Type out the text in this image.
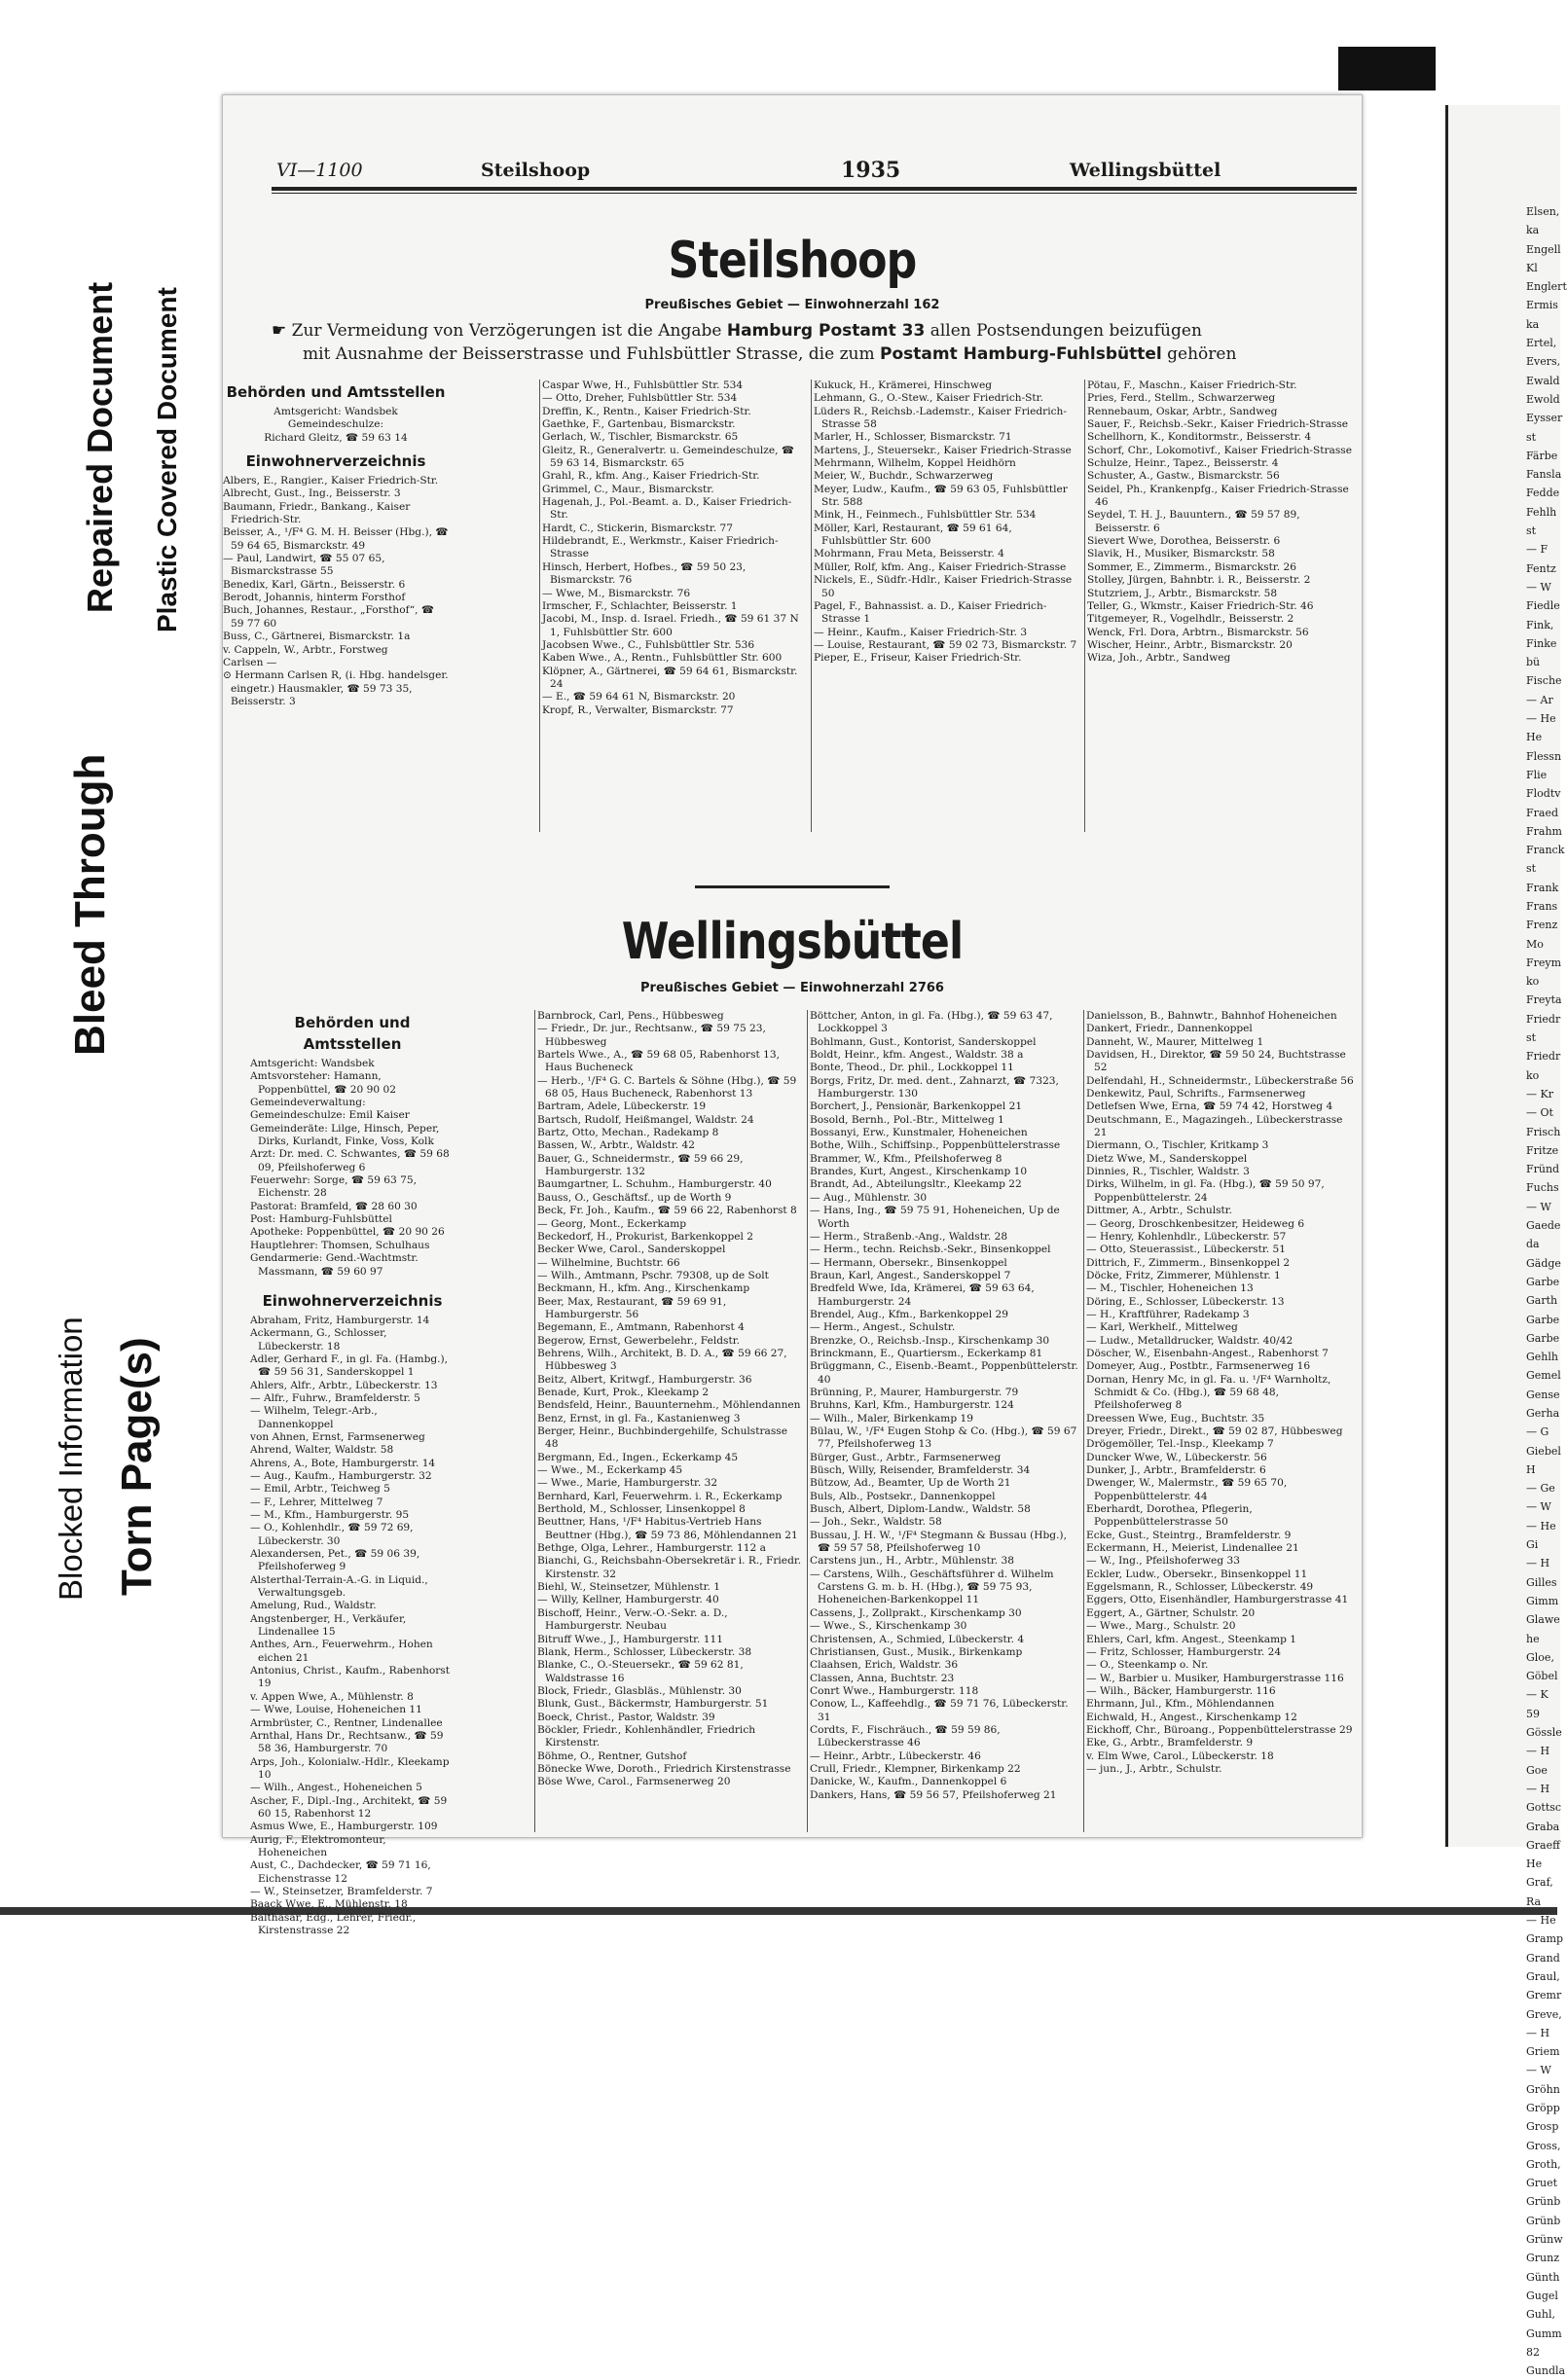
Blocked Information Torn Page(s)
Bleed Through
Repaired Document Plastic Covered Document
VI—1100	Steilshoop	1935	Wellingsbüttel
Steilshoop
Preußisches Gebiet — Einwohnerzahl 162
☛ Zur Vermeidung von Verzögerungen ist die Angabe Hamburg Postamt 33 allen Postsendungen beizufügen
mit Ausnahme der Beisserstrasse und Fuhlsbüttler Strasse, die zum Postamt Hamburg-Fuhlsbüttel gehören

Behörden und Amtsstellen

Amtsgericht: Wandsbek

Gemeindeschulze:

Richard Gleitz, ☎ 59 63 14

Einwohnerverzeichnis

Albers, E., Rangier., Kaiser Friedrich-Str.

Albrecht, Gust., Ing., Beisserstr. 3

Baumann, Friedr., Bankang., Kaiser Friedrich-Str.

Beisser, A., ¹/F⁴ G. M. H. Beisser (Hbg.), ☎ 59 64 65, Bismarckstr. 49

— Paul, Landwirt, ☎ 55 07 65, Bismarckstrasse 55

Benedix, Karl, Gärtn., Beisserstr. 6

Berodt, Johannis, hinterm Forsthof

Buch, Johannes, Restaur., „Forsthof“, ☎ 59 77 60

Buss, C., Gärtnerei, Bismarckstr. 1a

v. Cappeln, W., Arbtr., Forstweg

Carlsen —

⊙ Hermann Carlsen R, (i. Hbg. handelsger. eingetr.) Hausmakler, ☎ 59 73 35, Beisserstr. 3

Caspar Wwe, H., Fuhlsbüttler Str. 534

— Otto, Dreher, Fuhlsbüttler Str. 534

Dreffin, K., Rentn., Kaiser Friedrich-Str.

Gaethke, F., Gartenbau, Bismarckstr.

Gerlach, W., Tischler, Bismarckstr. 65

Gleitz, R., Generalvertr. u. Gemeindeschulze, ☎ 59 63 14, Bismarckstr. 65

Grahl, R., kfm. Ang., Kaiser Friedrich-Str.

Grimmel, C., Maur., Bismarckstr.

Hagenah, J., Pol.-Beamt. a. D., Kaiser Friedrich-Str.

Hardt, C., Stickerin, Bismarckstr. 77

Hildebrandt, E., Werkmstr., Kaiser Friedrich-Strasse

Hinsch, Herbert, Hofbes., ☎ 59 50 23, Bismarckstr. 76

— Wwe, M., Bismarckstr. 76

Irmscher, F., Schlachter, Beisserstr. 1

Jacobi, M., Insp. d. Israel. Friedh., ☎ 59 61 37 N 1, Fuhlsbüttler Str. 600

Jacobsen Wwe., C., Fuhlsbüttler Str. 536

Kaben Wwe., A., Rentn., Fuhlsbüttler Str. 600

Klöpner, A., Gärtnerei, ☎ 59 64 61, Bismarckstr. 24

— E., ☎ 59 64 61 N, Bismarckstr. 20

Kropf, R., Verwalter, Bismarckstr. 77

Kukuck, H., Krämerei, Hinschweg

Lehmann, G., O.-Stew., Kaiser Friedrich-Str.

Lüders R., Reichsb.-Lademstr., Kaiser Friedrich-Strasse 58

Marler, H., Schlosser, Bismarckstr. 71

Martens, J., Steuersekr., Kaiser Friedrich-Strasse

Mehrmann, Wilhelm, Koppel Heidhörn

Meier, W., Buchdr., Schwarzerweg

Meyer, Ludw., Kaufm., ☎ 59 63 05, Fuhlsbüttler Str. 588

Mink, H., Feinmech., Fuhlsbüttler Str. 534

Möller, Karl, Restaurant, ☎ 59 61 64, Fuhlsbüttler Str. 600

Mohrmann, Frau Meta, Beisserstr. 4

Müller, Rolf, kfm. Ang., Kaiser Friedrich-Strasse

Nickels, E., Südfr.-Hdlr., Kaiser Friedrich-Strasse 50

Pagel, F., Bahnassist. a. D., Kaiser Friedrich-Strasse 1

— Heinr., Kaufm., Kaiser Friedrich-Str. 3

— Louise, Restaurant, ☎ 59 02 73, Bismarckstr. 7

Pieper, E., Friseur, Kaiser Friedrich-Str.

Pötau, F., Maschn., Kaiser Friedrich-Str.

Pries, Ferd., Stellm., Schwarzerweg

Rennebaum, Oskar, Arbtr., Sandweg

Sauer, F., Reichsb.-Sekr., Kaiser Friedrich-Strasse

Schellhorn, K., Konditormstr., Beisserstr. 4

Schorf, Chr., Lokomotivf., Kaiser Friedrich-Strasse

Schulze, Heinr., Tapez., Beisserstr. 4

Schuster, A., Gastw., Bismarckstr. 56

Seidel, Ph., Krankenpfg., Kaiser Friedrich-Strasse 46

Seydel, T. H. J., Bauuntern., ☎ 59 57 89, Beisserstr. 6

Sievert Wwe, Dorothea, Beisserstr. 6

Slavik, H., Musiker, Bismarckstr. 58

Sommer, E., Zimmerm., Bismarckstr. 26

Stolley, Jürgen, Bahnbtr. i. R., Beisserstr. 2

Stutzriem, J., Arbtr., Bismarckstr. 58

Teller, G., Wkmstr., Kaiser Friedrich-Str. 46

Titgemeyer, R., Vogelhdlr., Beisserstr. 2

Wenck, Frl. Dora, Arbtrn., Bismarckstr. 56

Wischer, Heinr., Arbtr., Bismarckstr. 20

Wiza, Joh., Arbtr., Sandweg

Wellingsbüttel
Preußisches Gebiet — Einwohnerzahl 2766

Behörden und Amtsstellen

Amtsgericht: Wandsbek

Amtsvorsteher: Hamann, Poppenbüttel, ☎ 20 90 02

Gemeindeverwaltung:

Gemeindeschulze: Emil Kaiser

Gemeinderäte: Lilge, Hinsch, Peper, Dirks, Kurlandt, Finke, Voss, Kolk

Arzt: Dr. med. C. Schwantes, ☎ 59 68 09, Pfeilshoferweg 6

Feuerwehr: Sorge, ☎ 59 63 75, Eichenstr. 28

Pastorat: Bramfeld, ☎ 28 60 30

Post: Hamburg-Fuhlsbüttel

Apotheke: Poppenbüttel, ☎ 20 90 26

Hauptlehrer: Thomsen, Schulhaus

Gendarmerie: Gend.-Wachtmstr. Massmann, ☎ 59 60 97

Einwohnerverzeichnis

Abraham, Fritz, Hamburgerstr. 14

Ackermann, G., Schlosser, Lübeckerstr. 18

Adler, Gerhard F., in gl. Fa. (Hambg.), ☎ 59 56 31, Sanderskoppel 1

Ahlers, Alfr., Arbtr., Lübeckerstr. 13

— Alfr., Fuhrw., Bramfelderstr. 5

— Wilhelm, Telegr.-Arb., Dannenkoppel

von Ahnen, Ernst, Farmsenerweg

Ahrend, Walter, Waldstr. 58

Ahrens, A., Bote, Hamburgerstr. 14

— Aug., Kaufm., Hamburgerstr. 32

— Emil, Arbtr., Teichweg 5

— F., Lehrer, Mittelweg 7

— M., Kfm., Hamburgerstr. 95

— O., Kohlenhdlr., ☎ 59 72 69, Lübeckerstr. 30

Alexandersen, Pet., ☎ 59 06 39, Pfeilshoferweg 9

Alsterthal-Terrain-A.-G. in Liquid., Verwaltungsgeb.

Amelung, Rud., Waldstr.

Angstenberger, H., Verkäufer, Lindenallee 15

Anthes, Arn., Feuerwehrm., Hohen eichen 21

Antonius, Christ., Kaufm., Rabenhorst 19

v. Appen Wwe, A., Mühlenstr. 8

— Wwe, Louise, Hoheneichen 11

Armbrüster, C., Rentner, Lindenallee

Arnthal, Hans Dr., Rechtsanw., ☎ 59 58 36, Hamburgerstr. 70

Arps, Joh., Kolonialw.-Hdlr., Kleekamp 10

— Wilh., Angest., Hoheneichen 5

Ascher, F., Dipl.-Ing., Architekt, ☎ 59 60 15, Rabenhorst 12

Asmus Wwe, E., Hamburgerstr. 109

Aurig, F., Elektromonteur, Hoheneichen

Aust, C., Dachdecker, ☎ 59 71 16, Eichenstrasse 12

— W., Steinsetzer, Bramfelderstr. 7

Baack Wwe, E., Mühlenstr. 18

Balthasar, Edg., Lehrer, Friedr., Kirstenstrasse 22

Barnbrock, Carl, Pens., Hübbesweg

— Friedr., Dr. jur., Rechtsanw., ☎ 59 75 23, Hübbesweg

Bartels Wwe., A., ☎ 59 68 05, Rabenhorst 13, Haus Bucheneck

— Herb., ¹/F⁴ G. C. Bartels & Söhne (Hbg.), ☎ 59 68 05, Haus Bucheneck, Rabenhorst 13

Bartram, Adele, Lübeckerstr. 19

Bartsch, Rudolf, Heißmangel, Waldstr. 24

Bartz, Otto, Mechan., Radekamp 8

Bassen, W., Arbtr., Waldstr. 42

Bauer, G., Schneidermstr., ☎ 59 66 29, Hamburgerstr. 132

Baumgartner, L. Schuhm., Hamburgerstr. 40

Bauss, O., Geschäftsf., up de Worth 9

Beck, Fr. Joh., Kaufm., ☎ 59 66 22, Rabenhorst 8

— Georg, Mont., Eckerkamp

Beckedorf, H., Prokurist, Barkenkoppel 2

Becker Wwe, Carol., Sanderskoppel

— Wilhelmine, Buchtstr. 66

— Wilh., Amtmann, Pschr. 79308, up de Solt

Beckmann, H., kfm. Ang., Kirschenkamp

Beer, Max, Restaurant, ☎ 59 69 91, Hamburgerstr. 56

Begemann, E., Amtmann, Rabenhorst 4

Begerow, Ernst, Gewerbelehr., Feldstr.

Behrens, Wilh., Architekt, B. D. A., ☎ 59 66 27, Hübbesweg 3

Beitz, Albert, Kritwgf., Hamburgerstr. 36

Benade, Kurt, Prok., Kleekamp 2

Bendsfeld, Heinr., Bauunternehm., Möhlendannen

Benz, Ernst, in gl. Fa., Kastanienweg 3

Berger, Heinr., Buchbindergehilfe, Schulstrasse 48

Bergmann, Ed., Ingen., Eckerkamp 45

— Wwe., M., Eckerkamp 45

— Wwe., Marie, Hamburgerstr. 32

Bernhard, Karl, Feuerwehrm. i. R., Eckerkamp

Berthold, M., Schlosser, Linsenkoppel 8

Beuttner, Hans, ¹/F⁴ Habitus-Vertrieb Hans Beuttner (Hbg.), ☎ 59 73 86, Möhlendannen 21

Bethge, Olga, Lehrer., Hamburgerstr. 112 a

Bianchi, G., Reichsbahn-Obersekretär i. R., Friedr. Kirstenstr. 32

Biehl, W., Steinsetzer, Mühlenstr. 1

— Willy, Kellner, Hamburgerstr. 40

Bischoff, Heinr., Verw.-O.-Sekr. a. D., Hamburgerstr. Neubau

Bitruff Wwe., J., Hamburgerstr. 111

Blank, Herm., Schlosser, Lübeckerstr. 38

Blanke, C., O.-Steuersekr., ☎ 59 62 81, Waldstrasse 16

Block, Friedr., Glasbläs., Mühlenstr. 30

Blunk, Gust., Bäckermstr, Hamburgerstr. 51

Boeck, Christ., Pastor, Waldstr. 39

Böckler, Friedr., Kohlenhändler, Friedrich Kirstenstr.

Böhme, O., Rentner, Gutshof

Bönecke Wwe, Doroth., Friedrich Kirstenstrasse

Böse Wwe, Carol., Farmsenerweg 20

Böttcher, Anton, in gl. Fa. (Hbg.), ☎ 59 63 47, Lockkoppel 3

Bohlmann, Gust., Kontorist, Sanderskoppel

Boldt, Heinr., kfm. Angest., Waldstr. 38 a

Bonte, Theod., Dr. phil., Lockkoppel 11

Borgs, Fritz, Dr. med. dent., Zahnarzt, ☎ 7323, Hamburgerstr. 130

Borchert, J., Pensionär, Barkenkoppel 21

Bosold, Bernh., Pol.-Btr., Mittelweg 1

Bossanyi, Erw., Kunstmaler, Hoheneichen

Bothe, Wilh., Schiffsinp., Poppenbüttelerstrasse

Brammer, W., Kfm., Pfeilshoferweg 8

Brandes, Kurt, Angest., Kirschenkamp 10

Brandt, Ad., Abteilungsltr., Kleekamp 22

— Aug., Mühlenstr. 30

— Hans, Ing., ☎ 59 75 91, Hoheneichen, Up de Worth

— Herm., Straßenb.-Ang., Waldstr. 28

— Herm., techn. Reichsb.-Sekr., Binsenkoppel

— Hermann, Obersekr., Binsenkoppel

Braun, Karl, Angest., Sanderskoppel 7

Bredfeld Wwe, Ida, Krämerei, ☎ 59 63 64, Hamburgerstr. 24

Brendel, Aug., Kfm., Barkenkoppel 29

— Herm., Angest., Schulstr.

Brenzke, O., Reichsb.-Insp., Kirschenkamp 30

Brinckmann, E., Quartiersm., Eckerkamp 81

Brüggmann, C., Eisenb.-Beamt., Poppenbüttelerstr. 40

Brünning, P., Maurer, Hamburgerstr. 79

Bruhns, Karl, Kfm., Hamburgerstr. 124

— Wilh., Maler, Birkenkamp 19

Bülau, W., ¹/F⁴ Eugen Stohp & Co. (Hbg.), ☎ 59 67 77, Pfeilshoferweg 13

Bürger, Gust., Arbtr., Farmsenerweg

Büsch, Willy, Reisender, Bramfelderstr. 34

Bützow, Ad., Beamter, Up de Worth 21

Buls, Alb., Postsekr., Dannenkoppel

Busch, Albert, Diplom-Landw., Waldstr. 58

— Joh., Sekr., Waldstr. 58

Bussau, J. H. W., ¹/F⁴ Stegmann & Bussau (Hbg.), ☎ 59 57 58, Pfeilshoferweg 10

Carstens jun., H., Arbtr., Mühlenstr. 38

— Carstens, Wilh., Geschäftsführer d. Wilhelm Carstens G. m. b. H. (Hbg.), ☎ 59 75 93, Hoheneichen-Barkenkoppel 11

Cassens, J., Zollprakt., Kirschenkamp 30

— Wwe., S., Kirschenkamp 30

Christensen, A., Schmied, Lübeckerstr. 4

Christiansen, Gust., Musik., Birkenkamp

Claahsen, Erich, Waldstr. 36

Classen, Anna, Buchtstr. 23

Conrt Wwe., Hamburgerstr. 118

Conow, L., Kaffeehdlg., ☎ 59 71 76, Lübeckerstr. 31

Cordts, F., Fischräuch., ☎ 59 59 86, Lübeckerstrasse 46

— Heinr., Arbtr., Lübeckerstr. 46

Crull, Friedr., Klempner, Birkenkamp 22

Danicke, W., Kaufm., Dannenkoppel 6

Dankers, Hans, ☎ 59 56 57, Pfeilshoferweg 21

Danielsson, B., Bahnwtr., Bahnhof Hoheneichen

Dankert, Friedr., Dannenkoppel

Danneht, W., Maurer, Mittelweg 1

Davidsen, H., Direktor, ☎ 59 50 24, Buchtstrasse 52

Delfendahl, H., Schneidermstr., Lübeckerstraße 56

Denkewitz, Paul, Schrifts., Farmsenerweg

Detlefsen Wwe, Erna, ☎ 59 74 42, Horstweg 4

Deutschmann, E., Magazingeh., Lübeckerstrasse 21

Diermann, O., Tischler, Kritkamp 3

Dietz Wwe, M., Sanderskoppel

Dinnies, R., Tischler, Waldstr. 3

Dirks, Wilhelm, in gl. Fa. (Hbg.), ☎ 59 50 97, Poppenbüttelerstr. 24

Dittmer, A., Arbtr., Schulstr.

— Georg, Droschkenbesitzer, Heideweg 6

— Henry, Kohlenhdlr., Lübeckerstr. 57

— Otto, Steuerassist., Lübeckerstr. 51

Dittrich, F., Zimmerm., Binsenkoppel 2

Döcke, Fritz, Zimmerer, Mühlenstr. 1

— M., Tischler, Hoheneichen 13

Döring, E., Schlosser, Lübeckerstr. 13

— H., Kraftführer, Radekamp 3

— Karl, Werkhelf., Mittelweg

— Ludw., Metalldrucker, Waldstr. 40/42

Döscher, W., Eisenbahn-Angest., Rabenhorst 7

Domeyer, Aug., Postbtr., Farmsenerweg 16

Dornan, Henry Mc, in gl. Fa. u. ¹/F⁴ Warnholtz, Schmidt & Co. (Hbg.), ☎ 59 68 48, Pfeilshoferweg 8

Dreessen Wwe, Eug., Buchtstr. 35

Dreyer, Friedr., Direkt., ☎ 59 02 87, Hübbesweg

Drögemöller, Tel.-Insp., Kleekamp 7

Duncker Wwe, W., Lübeckerstr. 56

Dunker, J., Arbtr., Bramfelderstr. 6

Dwenger, W., Malermstr., ☎ 59 65 70, Poppenbüttelerstr. 44

Eberhardt, Dorothea, Pflegerin, Poppenbüttelerstrasse 50

Ecke, Gust., Steintrg., Bramfelderstr. 9

Eckermann, H., Meierist, Lindenallee 21

— W., Ing., Pfeilshoferweg 33

Eckler, Ludw., Obersekr., Binsenkoppel 11

Eggelsmann, R., Schlosser, Lübeckerstr. 49

Eggers, Otto, Eisenhändler, Hamburgerstrasse 41

Eggert, A., Gärtner, Schulstr. 20

— Wwe., Marg., Schulstr. 20

Ehlers, Carl, kfm. Angest., Steenkamp 1

— Fritz, Schlosser, Hamburgerstr. 24

— O., Steenkamp o. Nr.

— W., Barbier u. Musiker, Hamburgerstrasse 116

— Wilh., Bäcker, Hamburgerstr. 116

Ehrmann, Jul., Kfm., Möhlendannen

Eichwald, H., Angest., Kirschenkamp 12

Eickhoff, Chr., Büroang., Poppenbüttelerstrasse 29

Eke, G., Arbtr., Bramfelderstr. 9

v. Elm Wwe, Carol., Lübeckerstr. 18

— jun., J., Arbtr., Schulstr.

Elsen,
ka
Engell
Kl
Englert
Ermis
ka
Ertel,
Evers,
Ewald
Ewold
Eysser
st
Färbe
Fansla
Fedde
Fehlh
st
— F
Fentz
— W
Fiedle
Fink,
Finke
bü
Fische
— Ar
— He
He
Flessn
Flie
Flodtv
Fraed
Frahm
Franck
st
Frank
Frans
Frenz
Mo
Freym
ko
Freyta
Friedr
st
Friedr
ko
— Kr
— Ot
Frisch
Fritze
Fründ
Fuchs
— W
Gaede
da
Gädge
Garbe
Garth
Garbe
Garbe
Gehlh
Gemel
Gense
Gerha
— G
Giebel
H
— Ge
— W
— He
Gi
— H
Gilles
Gimm
Glawe
he
Gloe,
Göbel
— K
59
Gössle
— H
Goe
— H
Gottsc
Graba
Graeff
He
Graf,
Ra
— He
Gramp
Grand
Graul,
Gremr
Greve,
— H
Griem
— W
Gröhn
Gröpp
Grosp
Gross,
Groth,
Gruet
Grünb
Grünb
Grünw
Grunz
Günth
Gugel
Guhl,
Gumm
82
Gundla
